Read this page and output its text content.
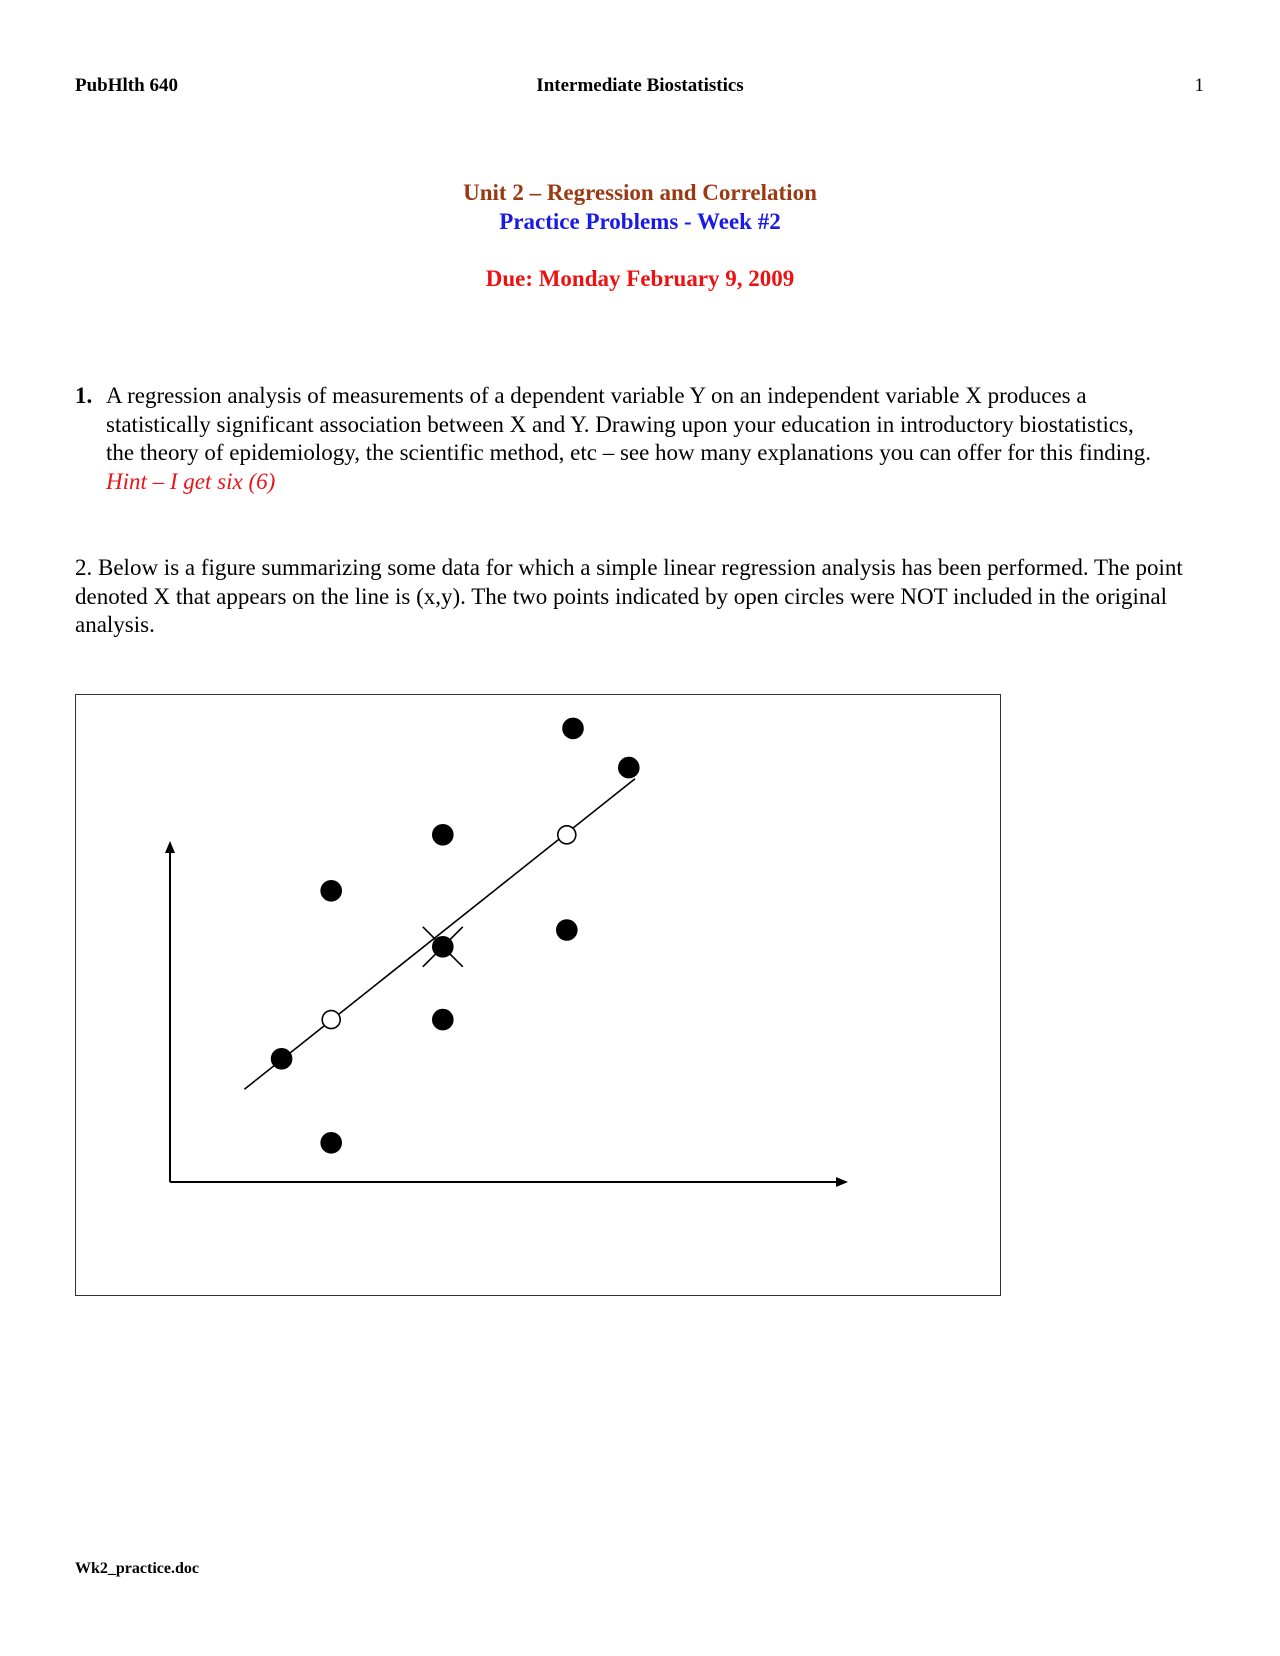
PubHlth 640	Intermediate Biostatistics	1
Unit 2 – Regression and Correlation
Practice Problems - Week #2
Due: Monday February 9, 2009
1. A regression analysis of measurements of a dependent variable Y on an independent variable X produces a statistically significant association between X and Y. Drawing upon your education in introductory biostatistics, the theory of epidemiology, the scientific method, etc – see how many explanations you can offer for this finding. Hint – I get six (6)
2. Below is a figure summarizing some data for which a simple linear regression analysis has been performed. The point denoted X that appears on the line is (x,y). The two points indicated by open circles were NOT included in the original analysis.
Wk2_practice.doc
